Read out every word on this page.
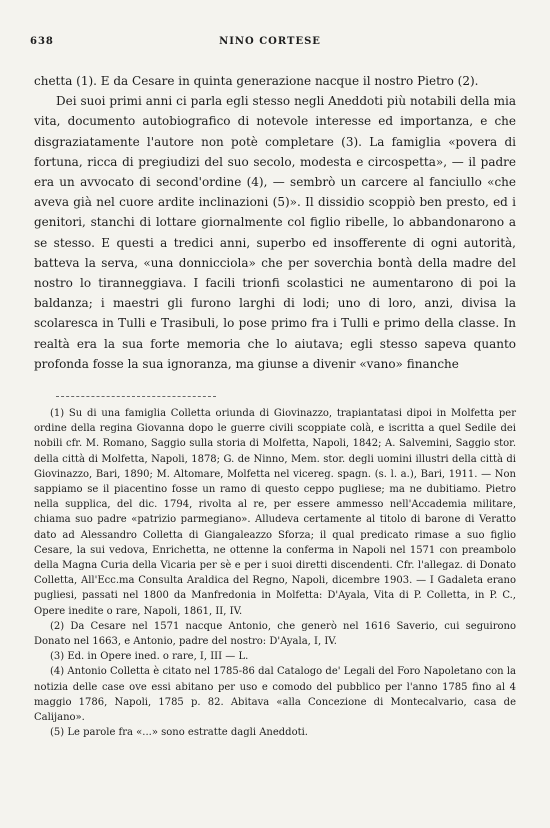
638	NINO CORTESE

chetta (1). E da Cesare in quinta generazione nacque il nostro Pietro (2).

Dei suoi primi anni ci parla egli stesso negli Aneddoti più notabili della mia vita, documento autobiografico di notevole interesse ed importanza, e che disgraziatamente l'autore non potè completare (3). La famiglia «povera di fortuna, ricca di pregiudizi del suo secolo, modesta e circospetta», — il padre era un avvocato di second'ordine (4), — sembrò un carcere al fanciullo «che aveva già nel cuore ardite inclinazioni (5)». Il dissidio scoppiò ben presto, ed i genitori, stanchi di lottare giornalmente col figlio ribelle, lo abbandonarono a se stesso. E questi a tredici anni, superbo ed insofferente di ogni autorità, batteva la serva, «una donnicciola» che per soverchia bontà della madre del nostro lo tiranneggiava. I facili trionfi scolastici ne aumentarono di poi la baldanza; i maestri gli furono larghi di lodi; uno di loro, anzi, divisa la scolaresca in Tulli e Trasibuli, lo pose primo fra i Tulli e primo della classe. In realtà era la sua forte memoria che lo aiutava; egli stesso sapeva quanto profonda fosse la sua ignoranza, ma giunse a divenir «vano» finanche

(1) Su di una famiglia Colletta oriunda di Giovinazzo, trapiantatasi dipoi in Molfetta per ordine della regina Giovanna dopo le guerre civili scoppiate colà, e iscritta a quel Sedile dei nobili cfr. M. Romano, Saggio sulla storia di Molfetta, Napoli, 1842; A. Salvemini, Saggio stor. della città di Molfetta, Napoli, 1878; G. de Ninno, Mem. stor. degli uomini illustri della città di Giovinazzo, Bari, 1890; M. Altomare, Molfetta nel vicereg. spagn. (s. l. a.), Bari, 1911. — Non sappiamo se il piacentino fosse un ramo di questo ceppo pugliese; ma ne dubitiamo. Pietro nella supplica, del dic. 1794, rivolta al re, per essere ammesso nell'Accademia militare, chiama suo padre «patrizio parmegiano». Alludeva certamente al titolo di barone di Veratto dato ad Alessandro Colletta di Giangaleazzo Sforza; il qual predicato rimase a suo figlio Cesare, la sui vedova, Enrichetta, ne ottenne la conferma in Napoli nel 1571 con preambolo della Magna Curia della Vicaria per sè e per i suoi diretti discendenti. Cfr. l'allegaz. di Donato Colletta, All'Ecc.ma Consulta Araldica del Regno, Napoli, dicembre 1903. — I Gadaleta erano pugliesi, passati nel 1800 da Manfredonia in Molfetta: D'Ayala, Vita di P. Colletta, in P. C., Opere inedite o rare, Napoli, 1861, II, IV.

(2) Da Cesare nel 1571 nacque Antonio, che generò nel 1616 Saverio, cui seguirono Donato nel 1663, e Antonio, padre del nostro: D'Ayala, I, IV.

(3) Ed. in Opere ined. o rare, I, III — L.

(4) Antonio Colletta è citato nel 1785-86 dal Catalogo de' Legali del Foro Napoletano con la notizia delle case ove essi abitano per uso e comodo del pubblico per l'anno 1785 fino al 4 maggio 1786, Napoli, 1785 p. 82. Abitava «alla Concezione di Montecalvario, casa de Calijano».

(5) Le parole fra «...» sono estratte dagli Aneddoti.
